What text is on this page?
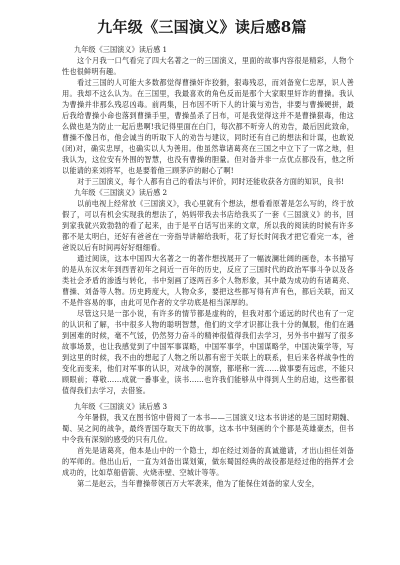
九年级《三国演义》读后感8篇

九年级《三国演义》读后感 1

这个月我一口气看完了四大名著之一的三国演义，里面的故事内容很是精彩，人物个性也很鲜明有趣。

看过三国的人可能大多数都觉得曹操奸诈狡猾，狠毒残忍，而刘备宽仁忠厚，识人善用。我却不这么认为。在三国里，我最喜欢的角色反而是那个大家眼里奸诈的曹操。我认为曹操并非那么残忍凶毒。前两集，吕布因不听下人的计策与劝告，非要与曹操硬拼，最后我给曹操小命也落到曹操手里，曹操虽杀了吕布，可是我觉得这并不是曹操狠毒，他这么做也是为防止一起后患啊!我记得里面在白门，每次都不听旁人的劝告，最后因此致命，曹操不像吕布，他会诚当的听取下人的劝告与建议，同时还有自己的想法和计谋，也敢说(闭)对，确实忠厚，也确实以人为善用。他虽然靠诸葛亮在三国之中立下了一席之地，但我认为，这位安有外围的智慧，也没有曹操的胆量。但对备并非一点优点都没有，他之所以能请的来刘将军，也是要着他三顾茅庐的耐心了啊!

对于三国演义，每个人都有自己的看法与评价，同时还能收获各方面的知识，良书!

九年级《三国演义》读后感 2

以前电视上经常放《三国演义》，我心里就有个想法，想看看原著是怎么写的，终于放假了，可以有机会实现我的想法了，妈妈带我去书店给我买了一套《三国演义》的书，回到家我就兴致勃勃的看了起来，由于是平白话写出来的文章，所以我的阅读的时候有许多都不是太明白，还好有爸爸在一旁指导讲解给我听，花了好长时间我才把它看完一本，爸爸说以后有时间再好好细细看。

通过阅读，这本中国四大名著之一的著作想找展开了一幅波澜壮阔的画卷，本书描写的是从东汉末年到西晋初年之间近一百年的历史，反应了三国时代的政治军事斗争以及各类社会矛盾的渗透与转化，书中刻画了逐两百多个人物形象，其中最为成功的有诸葛亮、曹操、刘备等人物。历史跨度大，人物众多，要把这些都写得有声有色，都后关联，而又不是件容易的事，由此可见作者的文学功底是相当深厚的。

尽管这只是一部小说，有许多的情节都是虚构的，但我对那个遥远的时代也有了一定的认识和了解，书中很多人物的聪明智慧，他们的文学才识都让我十分的佩服，他们在遇到困难的时候，毫不气馁，仍然努力奋斗的精神很值得我们去学习，另外书中描写了很多故事场景，也让我感觉到了中国军事谋略，中国军事学，中国谋略学，中国决策学等，写到这里的时候，我不由的想起了人物之所以都有密于关联上的联系，但后来各样战争性的变化而变来，他们对军事的认识，对战争的洞察，都堪称一流……做事要有远虑，不能只顾眼前；尊敬……成就一番事业，读书……也许我们能够从中得到人生的启迪，这些都很值得我们去学习，去借鉴。

九年级《三国演义》读后感 3

今年暑假，我又在图书馆中借阅了一本书——三国演义!这本书讲述的是三国时期魏、蜀、吴之间的战争，最终晋国夺取天下的故事，这本书中刻画的个个都是英雄豪杰，但书中令我有深刻的感受的只有几位。

首先是诸葛亮，他本是山中的一个隐士，却在经过刘备的真诚邀请，才出山担任刘备的军师的。他出山后，一直为刘备出谋划策，做东蜀国经典的战役都是经过他的指挥才会成功的，比如草船借箭、火烧赤壁、空城计等等。

第二是赵云，当年曹操带领百万大军袭来，他为了能保住刘备的家人安全，
